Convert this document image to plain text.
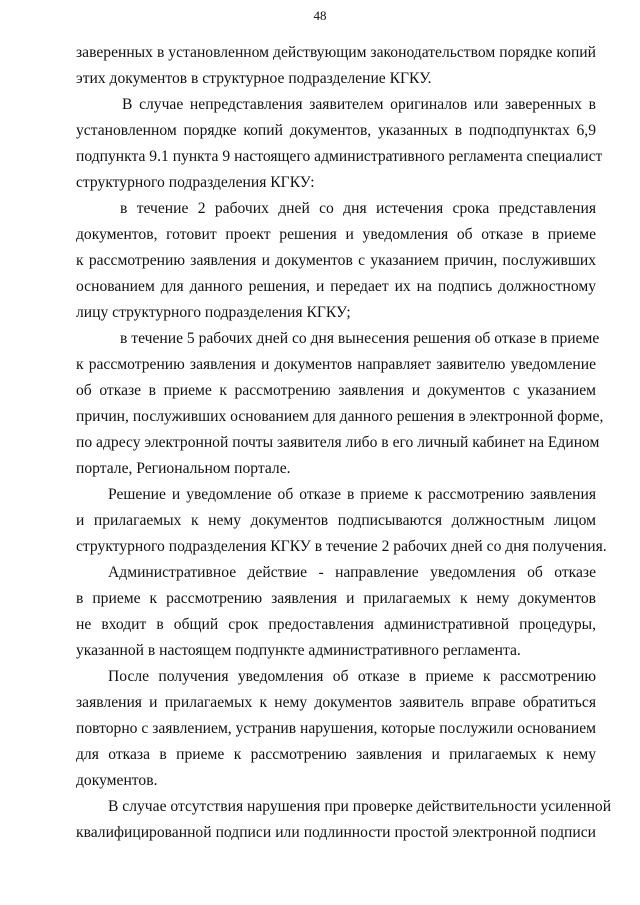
48
заверенных в установленном действующим законодательством порядке копий
этих документов в структурное подразделение КГКУ.
В случае непредставления заявителем оригиналов или заверенных в
установленном порядке копий документов, указанных в подподпунктах 6,9
подпункта 9.1 пункта 9 настоящего административного регламента специалист
структурного подразделения КГКУ:
в течение 2 рабочих дней со дня истечения срока представления
документов, готовит проект решения и уведомления об отказе в приеме
к рассмотрению заявления и документов с указанием причин, послуживших
основанием для данного решения, и передает их на подпись должностному
лицу структурного подразделения КГКУ;
в течение 5 рабочих дней со дня вынесения решения об отказе в приеме
к рассмотрению заявления и документов направляет заявителю уведомление
об отказе в приеме к рассмотрению заявления и документов с указанием
причин, послуживших основанием для данного решения в электронной форме,
по адресу электронной почты заявителя либо в его личный кабинет на Едином
портале, Региональном портале.
Решение и уведомление об отказе в приеме к рассмотрению заявления
и прилагаемых к нему документов подписываются должностным лицом
структурного подразделения КГКУ в течение 2 рабочих дней со дня получения.
Административное действие - направление уведомления об отказе
в приеме к рассмотрению заявления и прилагаемых к нему документов
не входит в общий срок предоставления административной процедуры,
указанной в настоящем подпункте административного регламента.
После получения уведомления об отказе в приеме к рассмотрению
заявления и прилагаемых к нему документов заявитель вправе обратиться
повторно с заявлением, устранив нарушения, которые послужили основанием
для отказа в приеме к рассмотрению заявления и прилагаемых к нему
документов.
В случае отсутствия нарушения при проверке действительности усиленной
квалифицированной подписи или подлинности простой электронной подписи
